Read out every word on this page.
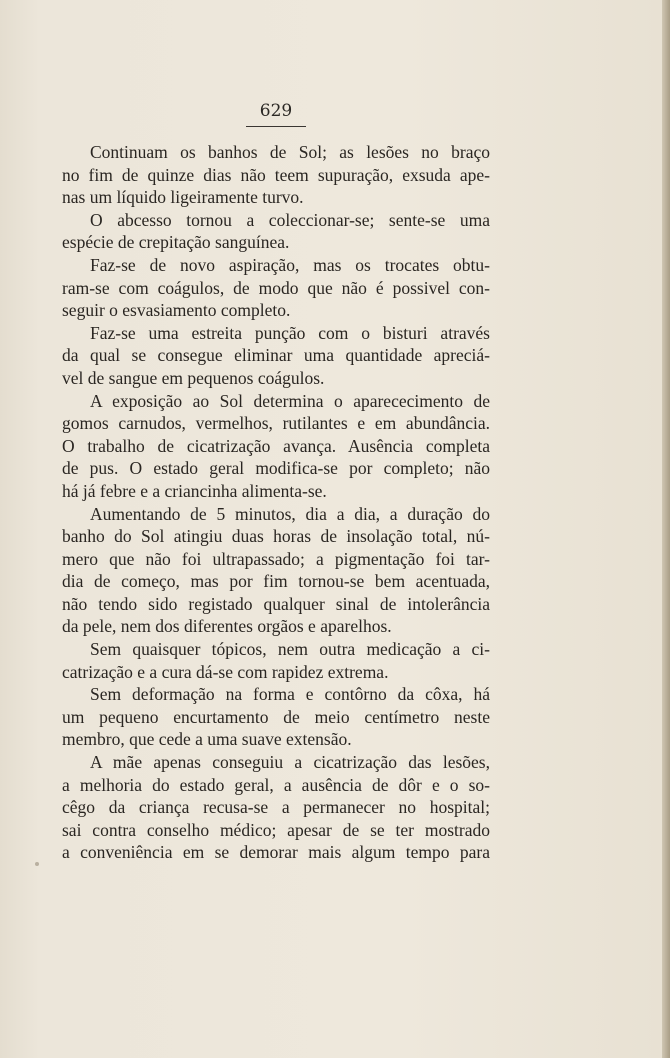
629
Continuam os banhos de Sol; as lesões no braço
no fim de quinze dias não teem supuração, exsuda ape-
nas um líquido ligeiramente turvo.
O abcesso tornou a coleccionar-se; sente-se uma
espécie de crepitação sanguínea.
Faz-se de novo aspiração, mas os trocates obtu-
ram-se com coágulos, de modo que não é possivel con-
seguir o esvasiamento completo.
Faz-se uma estreita punção com o bisturi através
da qual se consegue eliminar uma quantidade apreciá-
vel de sangue em pequenos coágulos.
A exposição ao Sol determina o aparececimento de
gomos carnudos, vermelhos, rutilantes e em abundância.
O trabalho de cicatrização avança. Ausência completa
de pus. O estado geral modifica-se por completo; não
há já febre e a criancinha alimenta-se.
Aumentando de 5 minutos, dia a dia, a duração do
banho do Sol atingiu duas horas de insolação total, nú-
mero que não foi ultrapassado; a pigmentação foi tar-
dia de começo, mas por fim tornou-se bem acentuada,
não tendo sido registado qualquer sinal de intolerância
da pele, nem dos diferentes orgãos e aparelhos.
Sem quaisquer tópicos, nem outra medicação a ci-
catrização e a cura dá-se com rapidez extrema.
Sem deformação na forma e contôrno da côxa, há
um pequeno encurtamento de meio centímetro neste
membro, que cede a uma suave extensão.
A mãe apenas conseguiu a cicatrização das lesões,
a melhoria do estado geral, a ausência de dôr e o so-
cêgo da criança recusa-se a permanecer no hospital;
sai contra conselho médico; apesar de se ter mostrado
a conveniência em se demorar mais algum tempo para
